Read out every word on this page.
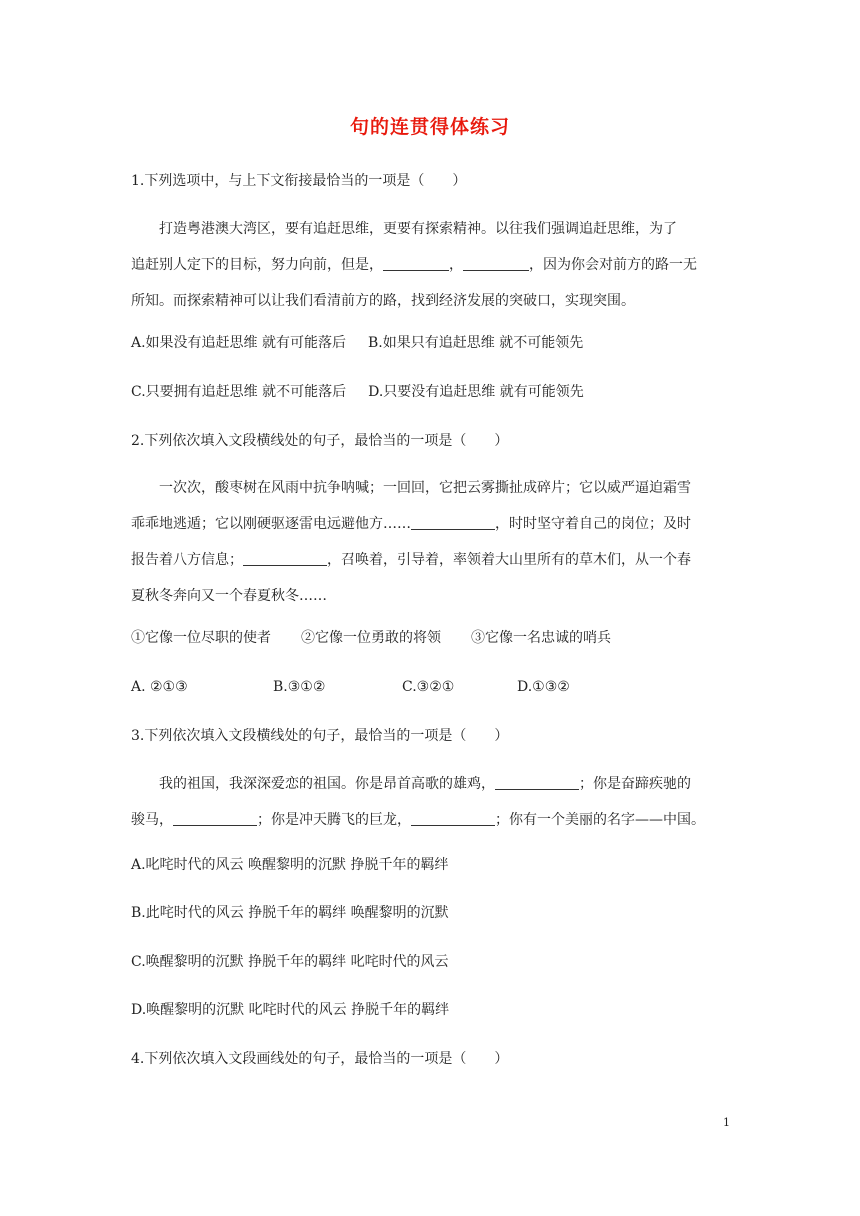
句的连贯得体练习
1.下列选项中，与上下文衔接最恰当的一项是（　　）

　　打造粤港澳大湾区，要有追赶思维，更要有探索精神。以往我们强调追赶思维，为了

追赶别人定下的目标，努力向前，但是，	，	，因为你会对前方的路一无

所知。而探索精神可以让我们看清前方的路，找到经济发展的突破口，实现突围。

A.如果没有追赶思维 就有可能落后 B.如果只有追赶思维 就不可能领先
C.只要拥有追赶思维 就不可能落后 D.只要没有追赶思维 就有可能领先
2.下列依次填入文段横线处的句子，最恰当的一项是（　　）

　　一次次，酸枣树在风雨中抗争呐喊；一回回，它把云雾撕扯成碎片；它以威严逼迫霜雪

乖乖地逃遁；它以刚硬驱逐雷电远避他方……	，时时坚守着自己的岗位；及时

报告着八方信息；	，召唤着，引导着，率领着大山里所有的草木们，从一个春

夏秋冬奔向又一个春夏秋冬……

①它像一位尽职的使者 ②它像一位勇敢的将领 ③它像一名忠诚的哨兵
A. ②①③	B.③①②	C.③②①	D.①③②
3.下列依次填入文段横线处的句子，最恰当的一项是（　　）

　　我的祖国，我深深爱恋的祖国。你是昂首高歌的雄鸡，	；你是奋蹄疾驰的

骏马，	；你是冲天腾飞的巨龙，	；你有一个美丽的名字——中国。

A.叱咤时代的风云 唤醒黎明的沉默 挣脱千年的羁绊
B.此咤时代的风云 挣脱千年的羁绊 唤醒黎明的沉默
C.唤醒黎明的沉默 挣脱千年的羁绊 叱咤时代的风云
D.唤醒黎明的沉默 叱咤时代的风云 挣脱千年的羁绊
4.下列依次填入文段画线处的句子，最恰当的一项是（　　）
1
